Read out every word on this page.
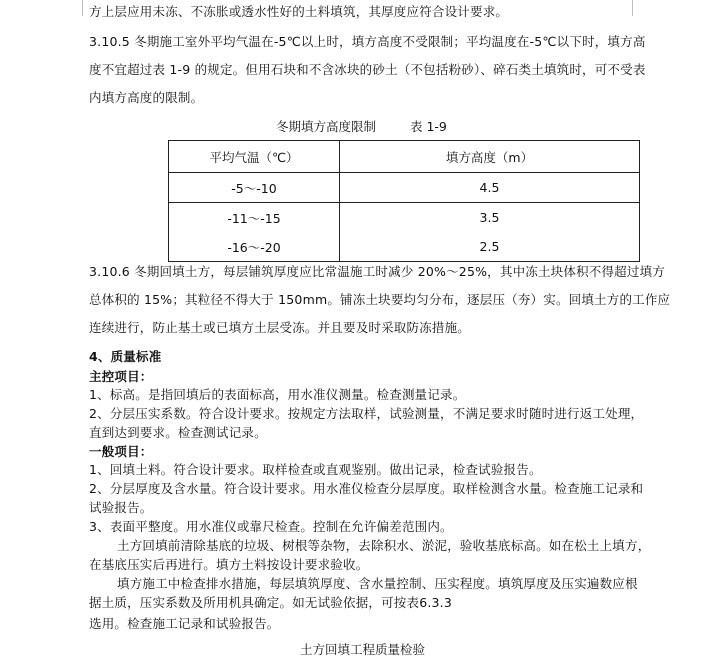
方上层应用未冻、不冻胀或透水性好的土料填筑，其厚度应符合设计要求。
3.10.5 冬期施工室外平均气温在-5℃以上时，填方高度不受限制；平均温度在-5℃以下时，填方高
度不宜超过表 1-9 的规定。但用石块和不含冰块的砂土（不包括粉砂）、碎石类土填筑时，可不受表
内填方高度的限制。
冬期填方高度限制	表 1-9
平均气温（℃）	填方高度（m）
-5～-10	4.5
-11～-15	3.5
-16～-20	2.5
3.10.6 冬期回填土方，每层铺筑厚度应比常温施工时减少 20%～25%，其中冻土块体积不得超过填方
总体积的 15%；其粒径不得大于 150mm。铺冻土块要均匀分布，逐层压（夯）实。回填土方的工作应
连续进行，防止基土或已填方土层受冻。并且要及时采取防冻措施。
4、质量标准
主控项目：
1、标高。是指回填后的表面标高，用水准仪测量。检查测量记录。
2、分层压实系数。符合设计要求。按规定方法取样，试验测量，不满足要求时随时进行返工处理，
直到达到要求。检查测试记录。
一般项目：
1、回填土料。符合设计要求。取样检查或直观鉴别。做出记录，检查试验报告。
2、分层厚度及含水量。符合设计要求。用水准仪检查分层厚度。取样检测含水量。检查施工记录和
试验报告。
3、表面平整度。用水准仪或靠尺检查。控制在允许偏差范围内。
土方回填前清除基底的垃圾、树根等杂物，去除积水、淤泥，验收基底标高。如在松土上填方，
在基底压实后再进行。填方土料按设计要求验收。
填方施工中检查排水措施，每层填筑厚度、含水量控制、压实程度。填筑厚度及压实遍数应根
据土质，压实系数及所用机具确定。如无试验依据，可按表6.3.3
选用。检查施工记录和试验报告。
土方回填工程质量检验
